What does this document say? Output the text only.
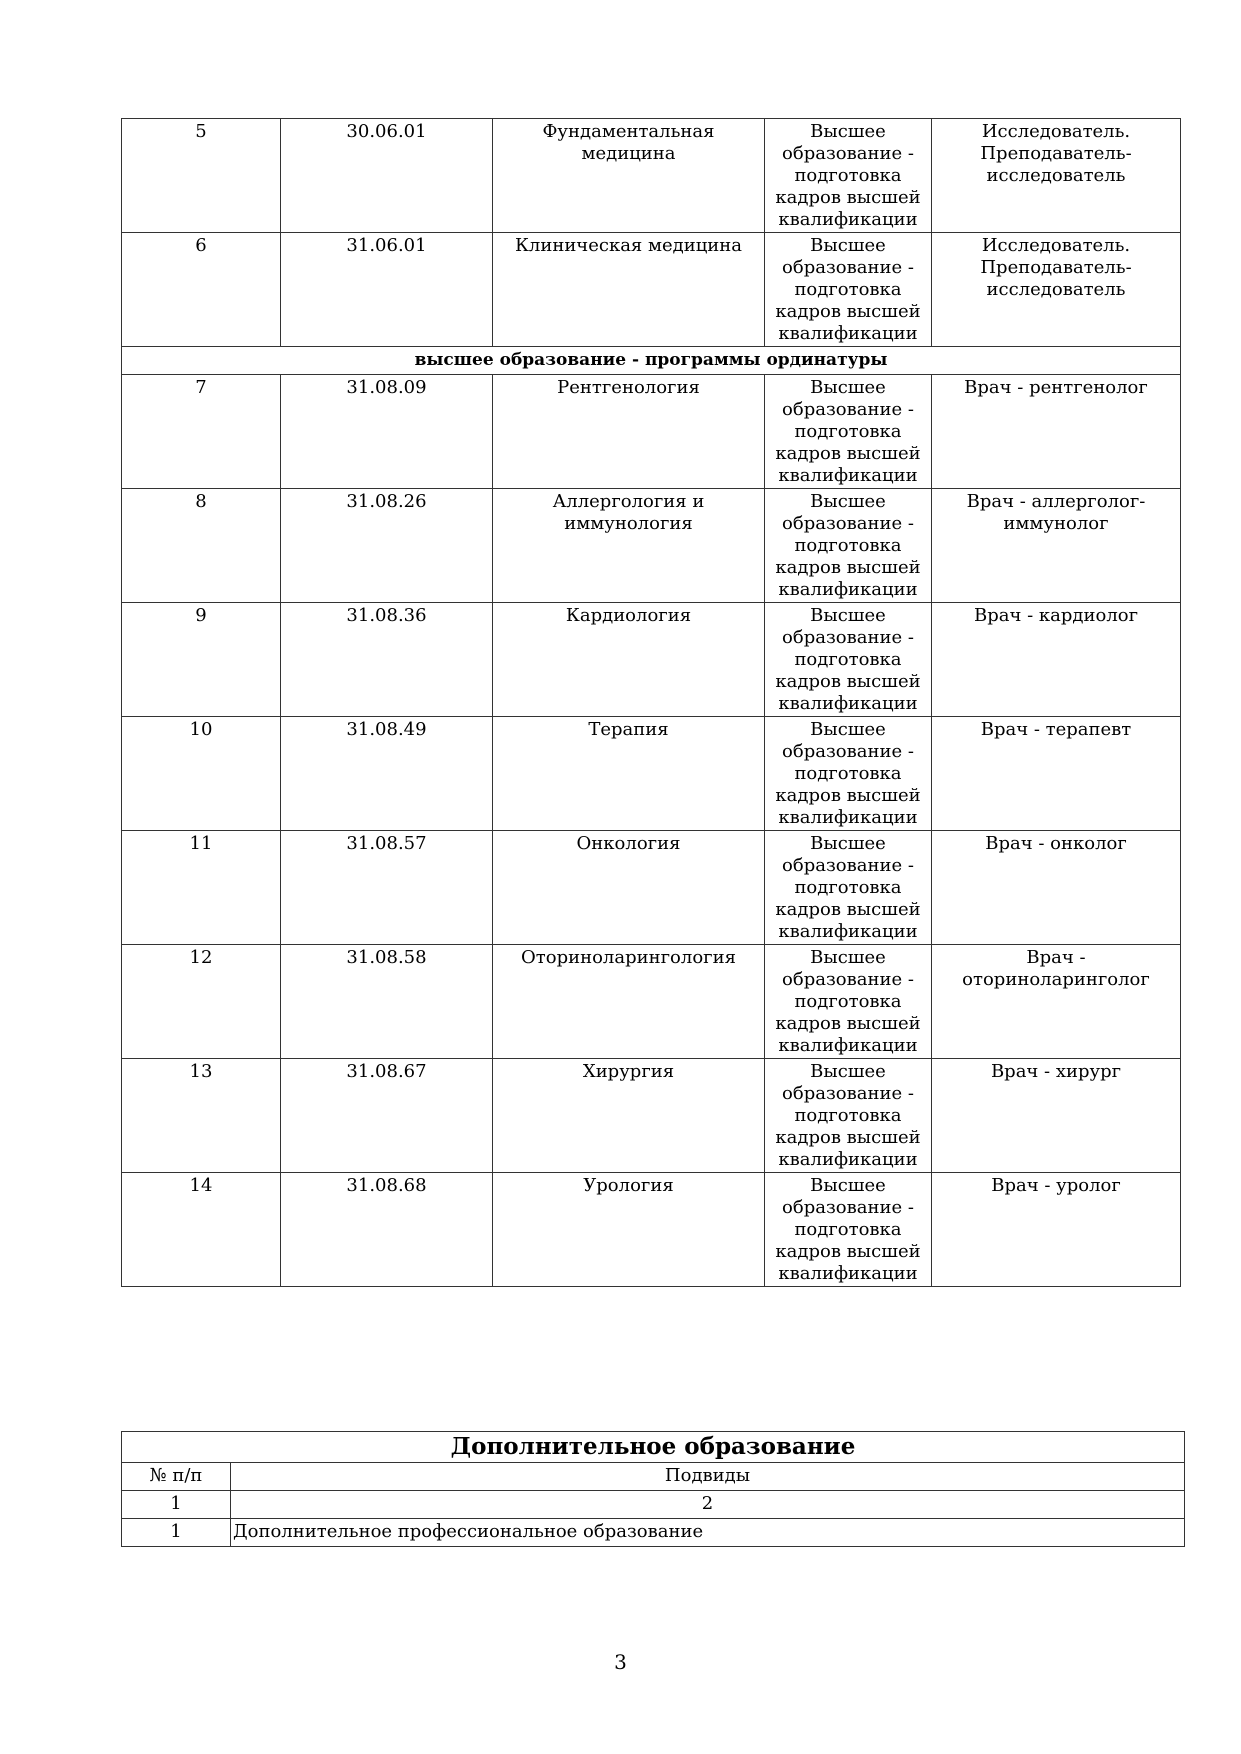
5	30.06.01	Фундаментальная медицина	Высшее образование - подготовка кадров высшей квалификации	Исследователь. Преподаватель-исследователь
6	31.06.01	Клиническая медицина	Высшее образование - подготовка кадров высшей квалификации	Исследователь. Преподаватель-исследователь
высшее образование - программы ординатуры				
7	31.08.09	Рентгенология	Высшее образование - подготовка кадров высшей квалификации	Врач - рентгенолог
8	31.08.26	Аллергология и иммунология	Высшее образование - подготовка кадров высшей квалификации	Врач - аллерголог-иммунолог
9	31.08.36	Кардиология	Высшее образование - подготовка кадров высшей квалификации	Врач - кардиолог
10	31.08.49	Терапия	Высшее образование - подготовка кадров высшей квалификации	Врач - терапевт
11	31.08.57	Онкология	Высшее образование - подготовка кадров высшей квалификации	Врач - онколог
12	31.08.58	Оториноларингология	Высшее образование - подготовка кадров высшей квалификации	Врач - оториноларинголог
13	31.08.67	Хирургия	Высшее образование - подготовка кадров высшей квалификации	Врач - хирург
14	31.08.68	Урология	Высшее образование - подготовка кадров высшей квалификации	Врач - уролог
Дополнительное образование	
№ п/п	Подвиды
1	2
1	Дополнительное профессиональное образование
3
